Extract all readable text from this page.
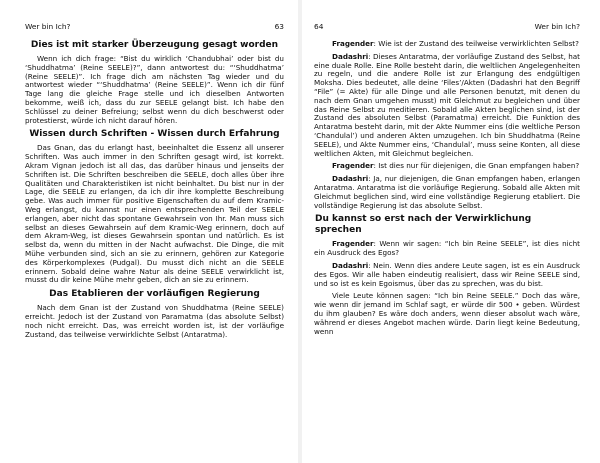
Wer bin Ich?	63
Dies ist mit starker Überzeugung gesagt worden

Wenn ich dich frage: “Bist du wirklich ‘Chandubhai’ oder bist du ‘Shuddhatma’ (Reine SEELE)?”, dann antwortest du: “‘Shuddhatma’ (Reine SEELE)”. Ich frage dich am nächsten Tag wieder und du antwortest wieder “‘Shuddhatma’ (Reine SEELE)”. Wenn ich dir fünf Tage lang die gleiche Frage stelle und ich dieselben Antworten bekomme, weiß ich, dass du zur SEELE gelangt bist. Ich habe den Schlüssel zu deiner Befreiung; selbst wenn du dich beschwerst oder protestierst, würde ich nicht darauf hören.

Wissen durch Schriften - Wissen durch Erfahrung

Das Gnan, das du erlangt hast, beeinhaltet die Essenz all unserer Schriften. Was auch immer in den Schriften gesagt wird, ist korrekt. Akram Vignan jedoch ist all das, das darüber hinaus und jenseits der Schriften ist. Die Schriften beschreiben die SEELE, doch alles über ihre Qualitäten und Charakteristiken ist nicht beinhaltet. Du bist nur in der Lage, die SEELE zu erlangen, da ich dir ihre komplette Beschreibung gebe. Was auch immer für positive Eigenschaften du auf dem Kramic-Weg erlangst, du kannst nur einen entsprechenden Teil der SEELE erlangen, aber nicht das spontane Gewahrsein von Ihr. Man muss sich selbst an dieses Gewahrsein auf dem Kramic-Weg erinnern, doch auf dem Akram-Weg, ist dieses Gewahrsein spontan und natürlich. Es ist selbst da, wenn du mitten in der Nacht aufwachst. Die Dinge, die mit Mühe verbunden sind, sich an sie zu erinnern, gehören zur Kategorie des Körperkomplexes (Pudgal). Du musst dich nicht an die SEELE erinnern. Sobald deine wahre Natur als deine SEELE verwirklicht ist, musst du dir keine Mühe mehr geben, dich an sie zu erinnern.

Das Etablieren der vorläufigen Regierung

Nach dem Gnan ist der Zustand von Shuddhatma (Reine SEELE) erreicht. Jedoch ist der Zustand von Paramatma (das absolute Selbst) noch nicht erreicht. Das, was erreicht worden ist, ist der vorläufige Zustand, das teilweise verwirklichte Selbst (Antaratma).

64	Wer bin Ich?

Fragender: Wie ist der Zustand des teilweise verwirklichten Selbst?

Dadashri: Dieses Antaratma, der vorläufige Zustand des Selbst, hat eine duale Rolle. Eine Rolle besteht darin, die weltlichen Angelegenheiten zu regeln, und die andere Rolle ist zur Erlangung des endgültigen Moksha. Dies bedeutet, alle deine ‘Files’/Akten (Dadashri hat den Begriff “File” (= Akte) für alle Dinge und alle Personen benutzt, mit denen du nach dem Gnan umgehen musst) mit Gleichmut zu begleichen und über das Reine Selbst zu meditieren. Sobald alle Akten beglichen sind, ist der Zustand des absoluten Selbst (Paramatma) erreicht. Die Funktion des Antaratma besteht darin, mit der Akte Nummer eins (die weltliche Person ‘Chandulal’) und anderen Akten umzugehen. Ich bin Shuddhatma (Reine SEELE), und Akte Nummer eins, ‘Chandulal’, muss seine Konten, all diese weltlichen Akten, mit Gleichmut begleichen.

Fragender: Ist dies nur für diejenigen, die Gnan empfangen haben?

Dadashri: Ja, nur diejenigen, die Gnan empfangen haben, erlangen Antaratma. Antaratma ist die vorläufige Regierung. Sobald alle Akten mit Gleichmut beglichen sind, wird eine vollständige Regierung etabliert. Die vollständige Regierung ist das absolute Selbst.

Du kannst so erst nach der Verwirklichung sprechen

Fragender: Wenn wir sagen: “Ich bin Reine SEELE”, ist dies nicht ein Ausdruck des Egos?

Dadashri: Nein. Wenn dies andere Leute sagen, ist es ein Ausdruck des Egos. Wir alle haben eindeutig realisiert, dass wir Reine SEELE sind, und so ist es kein Egoismus, über das zu sprechen, was du bist.

Viele Leute können sagen: “Ich bin Reine SEELE.” Doch das wäre, wie wenn dir jemand im Schlaf sagt, er würde dir 500 • geben. Würdest du ihm glauben? Es wäre doch anders, wenn dieser absolut wach wäre, während er dieses Angebot machen würde. Darin liegt keine Bedeutung, wenn
